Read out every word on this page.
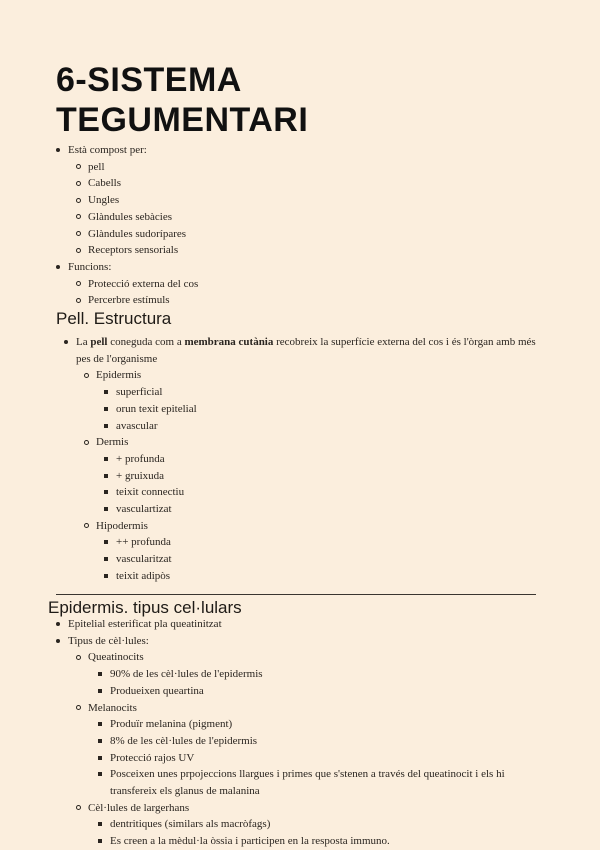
6-SISTEMA TEGUMENTARI
Està compost per:
pell
Cabells
Ungles
Glàndules sebàcies
Glàndules sudorípares
Receptors sensorials
Funcions:
Protecció externa del cos
Percerbre estímuls
Pell. Estructura
La pell coneguda com a membrana cutània recobreix la superfície externa del cos i és l'òrgan amb més pes de l'organisme
Epidermis
superficial
orun texit epitelial
avascular
Dermis
+ profunda
+ gruixuda
teixit connectiu
vasculartizat
Hipodermis
++ profunda
vascularitzat
teixit adipòs
Epidermis. tipus cel·lulars
Epitelial esterificat pla queatinitzat
Tipus de cèl·lules:
Queatinocits
90% de les cèl·lules de l'epidermis
Produeixen queartina
Melanocits
Produïr melanina (pigment)
8% de les cèl·lules de l'epidermis
Protecció rajos UV
Posceixen unes prpojeccions llargues i primes que s'stenen a través del queatinocit i els hi transfereix els glanus de malanina
Cèl·lules de largerhans
dentritiques (similars als macròfags)
Es creen a la mèdul·la òssia i participen en la resposta immuno.
